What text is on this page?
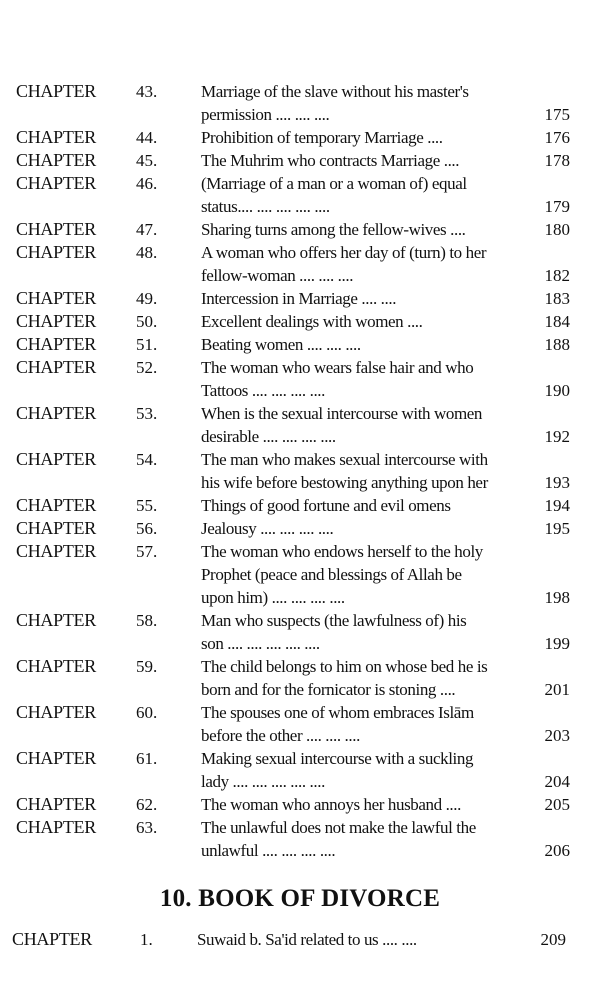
CHAPTER 43.	Marriage of the slave without his master's
permission .... .... ....	175
CHAPTER 44.	Prohibition of temporary Marriage ....	176
CHAPTER 45.	The Muhrim who contracts Marriage ....	178
CHAPTER 46.	(Marriage of a man or a woman of) equal
status.... .... .... .... ....	179
CHAPTER 47.	Sharing turns among the fellow-wives ....	180
CHAPTER 48.	A woman who offers her day of (turn) to her
fellow-woman .... .... ....	182
CHAPTER 49.	Intercession in Marriage .... ....	183
CHAPTER 50.	Excellent dealings with women ....	184
CHAPTER 51.	Beating women .... .... ....	188
CHAPTER 52.	The woman who wears false hair and who
Tattoos .... .... .... ....	190
CHAPTER 53.	When is the sexual intercourse with women
desirable .... .... .... ....	192
CHAPTER 54.	The man who makes sexual intercourse with
his wife before bestowing anything upon her	193
CHAPTER 55.	Things of good fortune and evil omens	194
CHAPTER 56.	Jealousy .... .... .... ....	195
CHAPTER 57.	The woman who endows herself to the holy
Prophet (peace and blessings of Allah be
upon him) .... .... .... ....	198
CHAPTER 58.	Man who suspects (the lawfulness of) his
son .... .... .... .... ....	199
CHAPTER 59.	The child belongs to him on whose bed he is
born and for the fornicator is stoning ....	201
CHAPTER 60.	The spouses one of whom embraces Islām
before the other .... .... ....	203
CHAPTER 61.	Making sexual intercourse with a suckling
lady .... .... .... .... ....	204
CHAPTER 62.	The woman who annoys her husband ....	205
CHAPTER 63.	The unlawful does not make the lawful the
unlawful .... .... .... ....	206
10. BOOK OF DIVORCE
CHAPTER	1.	Suwaid b. Sa'id related to us .... ....	209
